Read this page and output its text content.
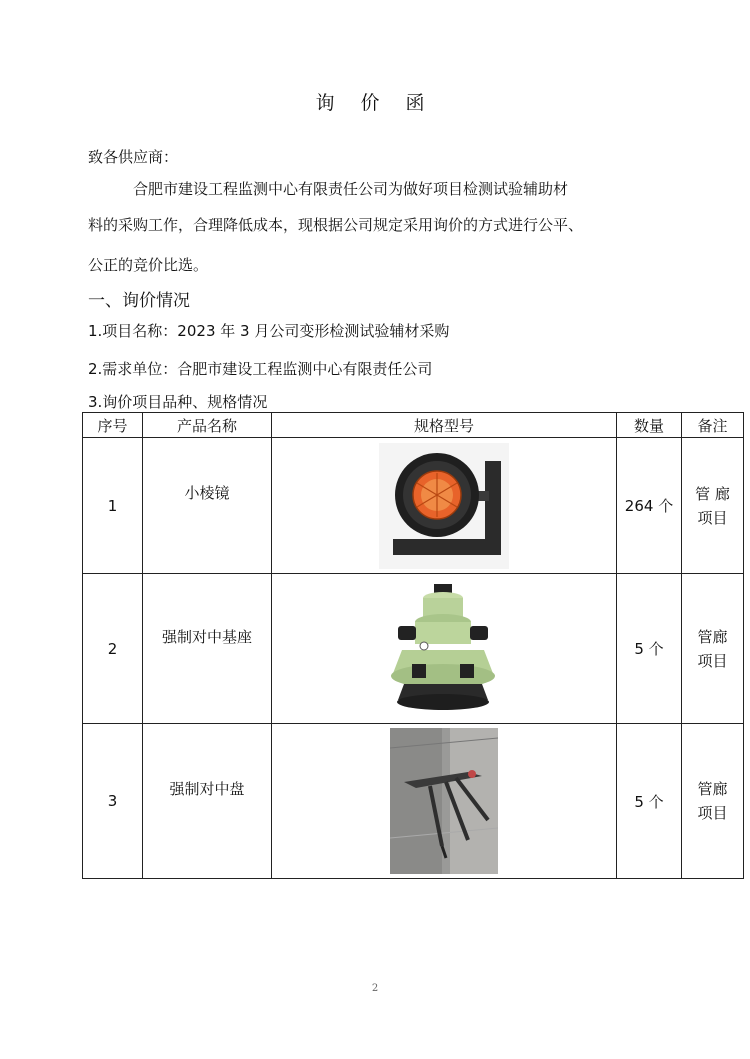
询 价 函
致各供应商：
合肥市建设工程监测中心有限责任公司为做好项目检测试验辅助材
料的采购工作，合理降低成本，现根据公司规定采用询价的方式进行公平、
公正的竞价比选。
一、询价情况
1.项目名称：2023 年 3 月公司变形检测试验辅材采购
2.需求单位：合肥市建设工程监测中心有限责任公司
3.询价项目品种、规格情况
序号	产品名称	规格型号	数量	备注
1	小棱镜		264 个	管 廊
项目

2	强制对中基座		5 个	管廊
项目

3	强制对中盘		5 个	管廊
项目
2
